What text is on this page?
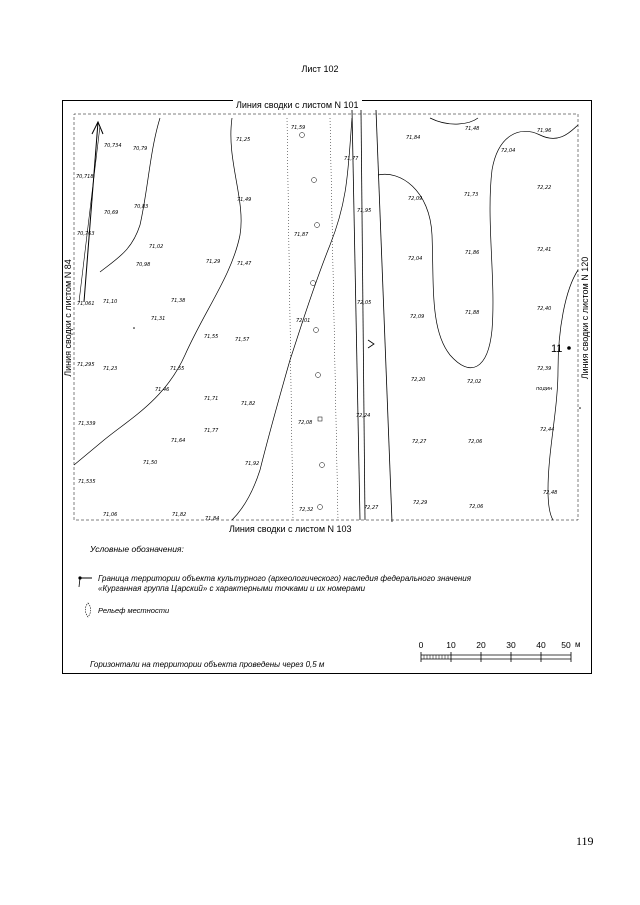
Лист 102
70,734 70,79
71,25
71,59
71,84
71,48	71,96
70,718
71,77
72,04
70,69
70,83
71,49	72,09
71,73
72,22
70,763
71,95
71,87
71,02
70,98	71,29	71,47
72,04
71,86	72,41
71,061 71,10	71,38	72,05
72,09
71,88
72,40
71,31	72,01
71,55	71,57
71,295
71,23	71,55
72,20	72,02
72,39
71,46
71,71
71,82
72,24
71,339
71,77
72,08
71,64	72,27	72,06
72,44
71,50	71,92
71,535
72,48
71,06	71,82
71,84
72,32	72,27
72,29
72,06
11
подин
Линия сводки с листом N 101
Линия сводки с листом N 103
Линия сводки с листом N 84	Линия сводки с листом N 120
Условные обозначения:
Граница территории объекта культурного (археологического) наследия федерального значения
«Курганная группа Царский» с характерными точками и их номерами
Рельеф местности
Горизонтали на территории объекта проведены через 0,5 м
0	10 20 30 40 50 м
119
